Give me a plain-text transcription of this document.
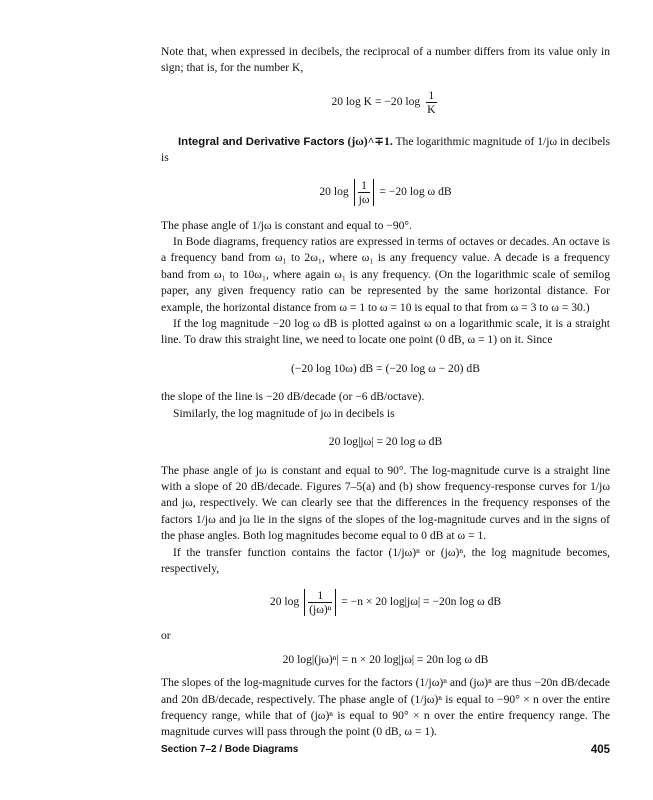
Note that, when expressed in decibels, the reciprocal of a number differs from its value only in sign; that is, for the number K,

20 log K = −20 $\log \frac{1}{K}$

Integral and Derivative Factors (jω)^∓1. The logarithmic magnitude of 1/jω in decibels is

20 $\log \frac{1}{j\omega} = -20$ log ω dB

The phase angle of 1/jω is constant and equal to −90°.

In Bode diagrams, frequency ratios are expressed in terms of octaves or decades. An octave is a frequency band from ω₁ to 2ω₁, where ω₁ is any frequency value. A decade is a frequency band from ω₁ to 10ω₁, where again ω₁ is any frequency. (On the logarithmic scale of semilog paper, any given frequency ratio can be represented by the same horizontal distance. For example, the horizontal distance from ω = 1 to ω = 10 is equal to that from ω = 3 to ω = 30.)

If the log magnitude −20 log ω dB is plotted against ω on a logarithmic scale, it is a straight line. To draw this straight line, we need to locate one point (0 dB, ω = 1) on it. Since

(−20 log 10ω) dB = (−20 log ω − 20) dB

the slope of the line is −20 dB/decade (or −6 dB/octave).

Similarly, the log magnitude of jω in decibels is

20 log|jω| = 20 log ω dB

The phase angle of jω is constant and equal to 90°. The log-magnitude curve is a straight line with a slope of 20 dB/decade. Figures 7–5(a) and (b) show frequency-response curves for 1/jω and jω, respectively. We can clearly see that the differences in the frequency responses of the factors 1/jω and jω lie in the signs of the slopes of the log-magnitude curves and in the signs of the phase angles. Both log magnitudes become equal to 0 dB at ω = 1.

If the transfer function contains the factor (1/jω)ⁿ or (jω)ⁿ, the log magnitude becomes, respectively,

20 $\log \frac{1}{\text{(jω)ⁿ}} = -n \times 20$ log|jω| = −20n log ω dB

or

20 log|(jω)ⁿ| = n × 20 log|jω| = 20n log ω dB

The slopes of the log-magnitude curves for the factors (1/jω)ⁿ and (jω)ⁿ are thus −20n dB/decade and 20n dB/decade, respectively. The phase angle of (1/jω)ⁿ is equal to −90° × n over the entire frequency range, while that of (jω)ⁿ is equal to 90° × n over the entire frequency range. The magnitude curves will pass through the point (0 dB, ω = 1).

Section 7–2 / Bode Diagrams	405
